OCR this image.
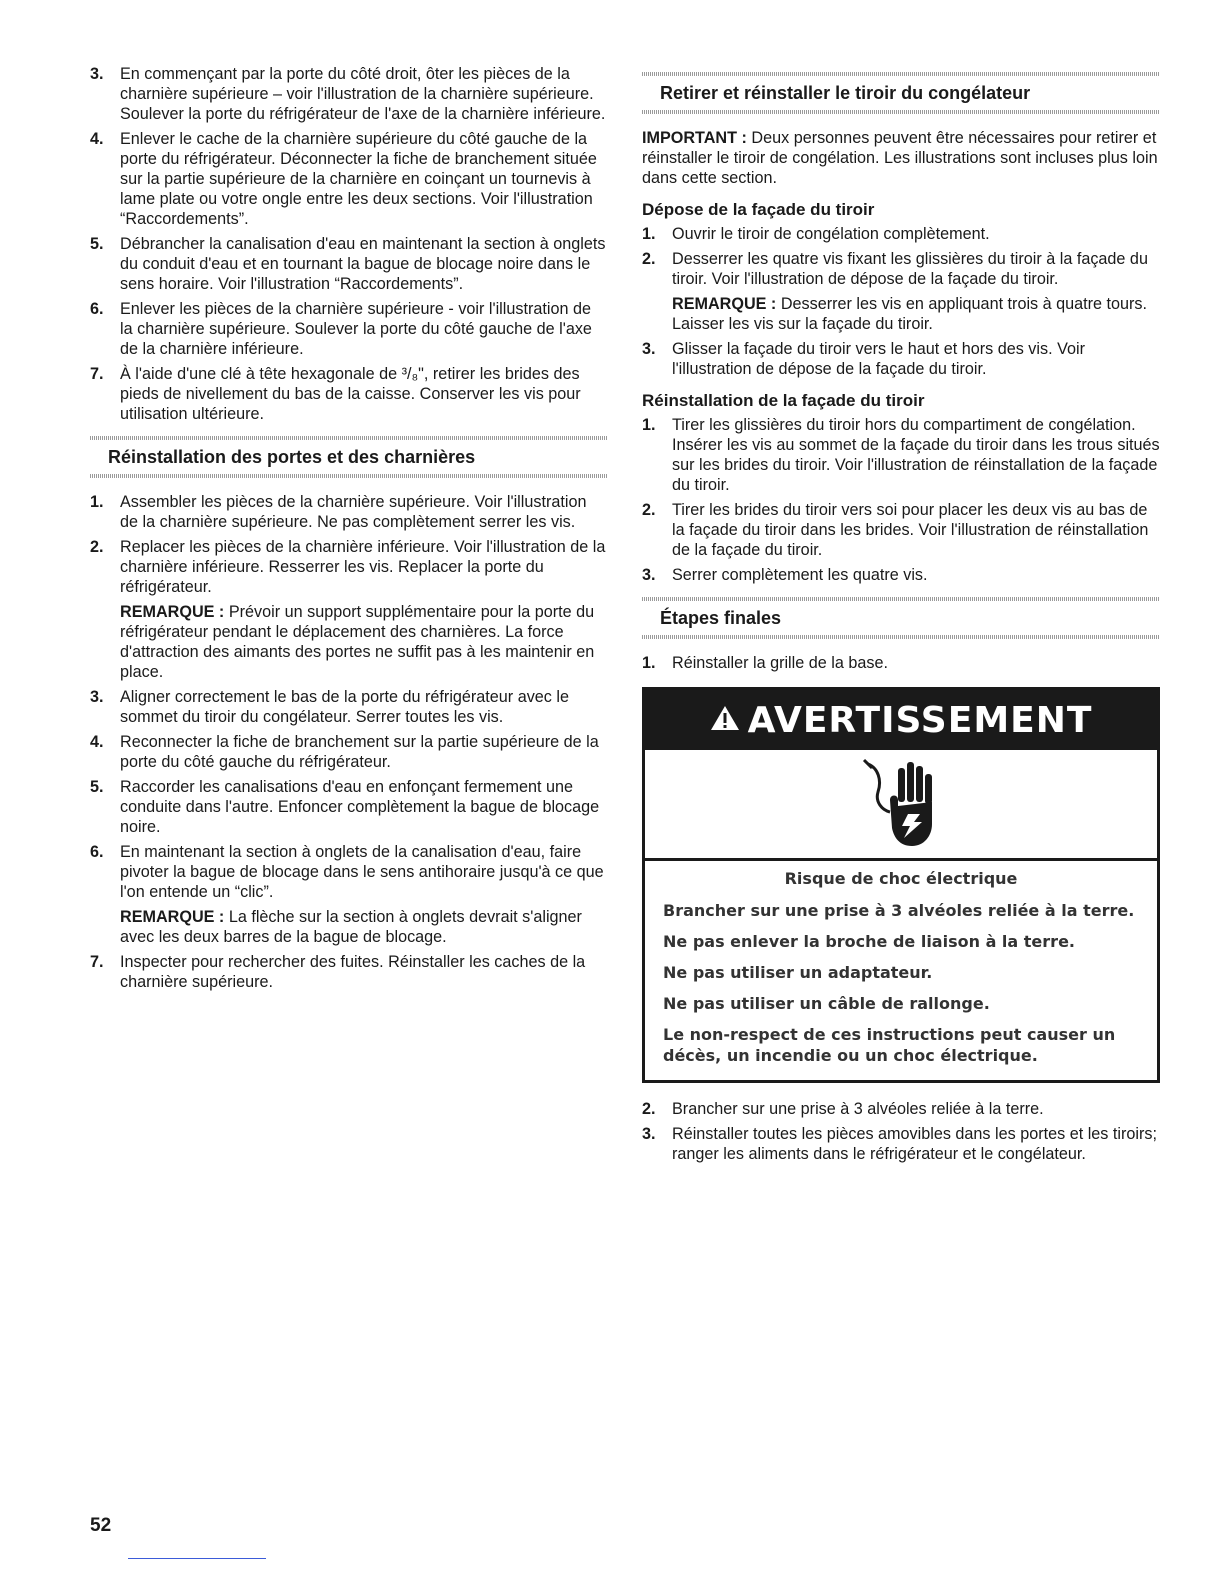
3.	En commençant par la porte du côté droit, ôter les pièces de la charnière supérieure – voir l'illustration de la charnière supérieure. Soulever la porte du réfrigérateur de l'axe de la charnière inférieure.
4.	Enlever le cache de la charnière supérieure du côté gauche de la porte du réfrigérateur. Déconnecter la fiche de branchement située sur la partie supérieure de la charnière en coinçant un tournevis à lame plate ou votre ongle entre les deux sections. Voir l'illustration “Raccordements”.
5.	Débrancher la canalisation d'eau en maintenant la section à onglets du conduit d'eau et en tournant la bague de blocage noire dans le sens horaire. Voir l'illustration “Raccordements”.
6.	Enlever les pièces de la charnière supérieure - voir l'illustration de la charnière supérieure. Soulever la porte du côté gauche de l'axe de la charnière inférieure.
7.	À l'aide d'une clé à tête hexagonale de ³/₈", retirer les brides des pieds de nivellement du bas de la caisse. Conserver les vis pour utilisation ultérieure.
Réinstallation des portes et des charnières
1.	Assembler les pièces de la charnière supérieure. Voir l'illustration de la charnière supérieure. Ne pas complètement serrer les vis.
2.	Replacer les pièces de la charnière inférieure. Voir l'illustration de la charnière inférieure. Resserrer les vis. Replacer la porte du réfrigérateur.

REMARQUE : Prévoir un support supplémentaire pour la porte du réfrigérateur pendant le déplacement des charnières. La force d'attraction des aimants des portes ne suffit pas à les maintenir en place.

3.	Aligner correctement le bas de la porte du réfrigérateur avec le sommet du tiroir du congélateur. Serrer toutes les vis.
4.	Reconnecter la fiche de branchement sur la partie supérieure de la porte du côté gauche du réfrigérateur.
5.	Raccorder les canalisations d'eau en enfonçant fermement une conduite dans l'autre. Enfoncer complètement la bague de blocage noire.
6.	En maintenant la section à onglets de la canalisation d'eau, faire pivoter la bague de blocage dans le sens antihoraire jusqu'à ce que l'on entende un “clic”.

REMARQUE : La flèche sur la section à onglets devrait s'aligner avec les deux barres de la bague de blocage.

7.	Inspecter pour rechercher des fuites. Réinstaller les caches de la charnière supérieure.
Retirer et réinstaller le tiroir du congélateur

IMPORTANT : Deux personnes peuvent être nécessaires pour retirer et réinstaller le tiroir de congélation. Les illustrations sont incluses plus loin dans cette section.

Dépose de la façade du tiroir
1.	Ouvrir le tiroir de congélation complètement.
2.	Desserrer les quatre vis fixant les glissières du tiroir à la façade du tiroir. Voir l'illustration de dépose de la façade du tiroir.

REMARQUE : Desserrer les vis en appliquant trois à quatre tours. Laisser les vis sur la façade du tiroir.

3.	Glisser la façade du tiroir vers le haut et hors des vis. Voir l'illustration de dépose de la façade du tiroir.
Réinstallation de la façade du tiroir
1.	Tirer les glissières du tiroir hors du compartiment de congélation. Insérer les vis au sommet de la façade du tiroir dans les trous situés sur les brides du tiroir. Voir l'illustration de réinstallation de la façade du tiroir.
2.	Tirer les brides du tiroir vers soi pour placer les deux vis au bas de la façade du tiroir dans les brides. Voir l'illustration de réinstallation de la façade du tiroir.
3.	Serrer complètement les quatre vis.
Étapes finales
1.	Réinstaller la grille de la base.
AVERTISSEMENT
Risque de choc électrique
Brancher sur une prise à 3 alvéoles reliée à la terre.
Ne pas enlever la broche de liaison à la terre.
Ne pas utiliser un adaptateur.
Ne pas utiliser un câble de rallonge.
Le non-respect de ces instructions peut causer un décès, un incendie ou un choc électrique.
2.	Brancher sur une prise à 3 alvéoles reliée à la terre.
3.	Réinstaller toutes les pièces amovibles dans les portes et les tiroirs; ranger les aliments dans le réfrigérateur et le congélateur.
52
